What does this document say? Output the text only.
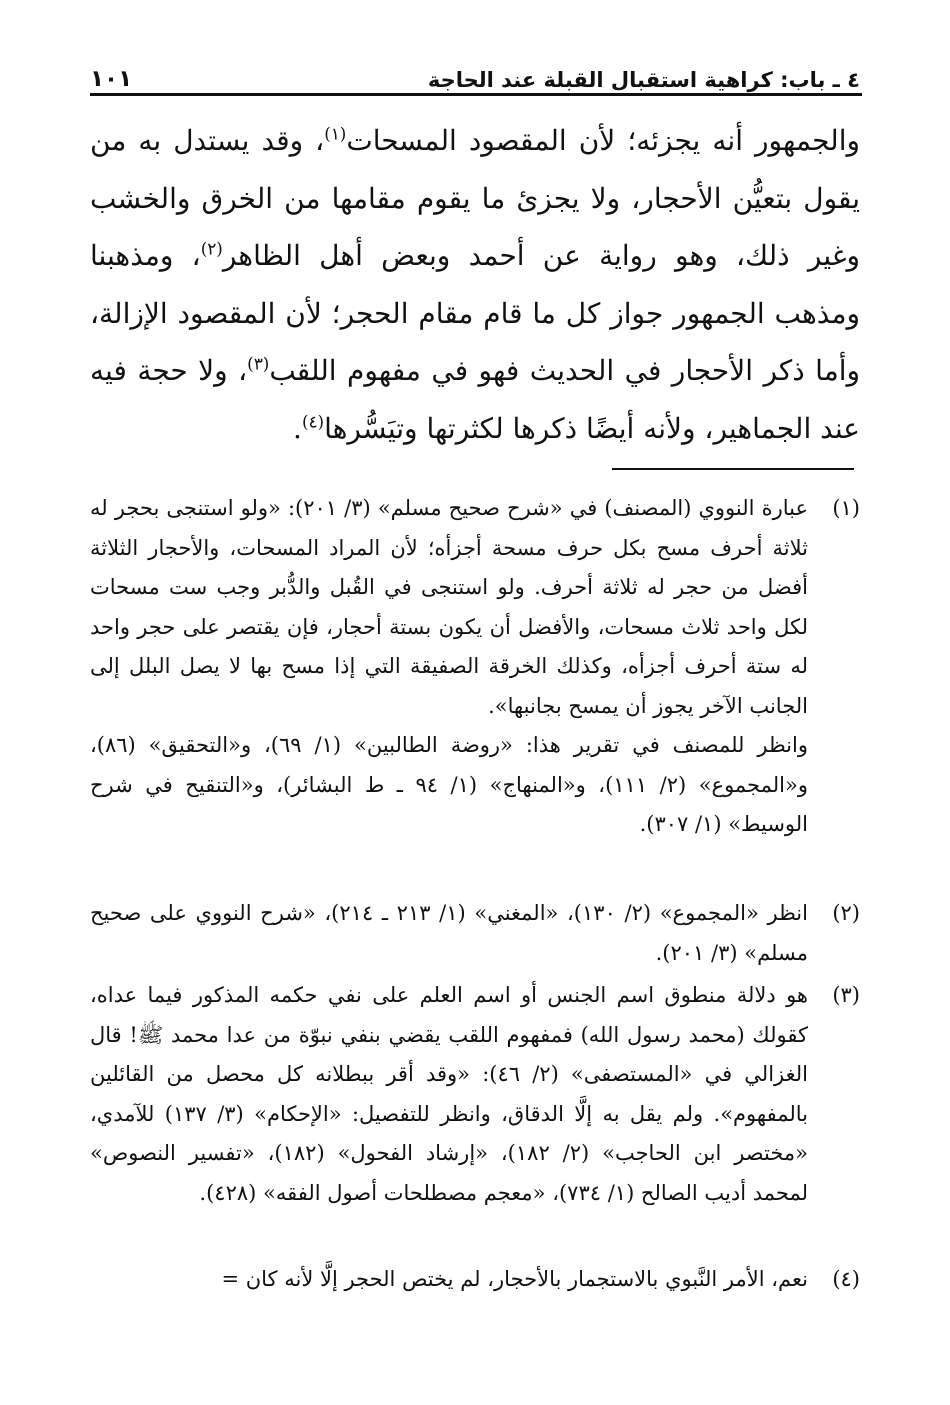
٤ ـ باب: كراهية استقبال القبلة عند الحاجة
١٠١
والجمهور أنه يجزئه؛ لأن المقصود المسحات$^{(١)}$، وقد يستدل به من يقول بتعيُّن الأحجار، ولا يجزئ ما يقوم مقامها من الخرق والخشب وغير ذلك، وهو رواية عن أحمد وبعض أهل الظاهر$^{(٢)}$، ومذهبنا ومذهب الجمهور جواز كل ما قام مقام الحجر؛ لأن المقصود الإزالة، وأما ذكر الأحجار في الحديث فهو في مفهوم اللقب$^{(٣)}$، ولا حجة فيه عند الجماهير، ولأنه أيضًا ذكرها لكثرتها وتيَسُّرها$^{(٤)}$.
(١)

عبارة النووي (المصنف) في «شرح صحيح مسلم» (٣/ ٢٠١): «ولو استنجى بحجر له ثلاثة أحرف مسح بكل حرف مسحة أجزأه؛ لأن المراد المسحات، والأحجار الثلاثة أفضل من حجر له ثلاثة أحرف. ولو استنجى في القُبل والدُّبر وجب ست مسحات لكل واحد ثلاث مسحات، والأفضل أن يكون بستة أحجار، فإن يقتصر على حجر واحد له ستة أحرف أجزأه، وكذلك الخرقة الصفيقة التي إذا مسح بها لا يصل البلل إلى الجانب الآخر يجوز أن يمسح بجانبها».

وانظر للمصنف في تقرير هذا: «روضة الطالبين» (١/ ٦٩)، و«التحقيق» (٨٦)، و«المجموع» (٢/ ١١١)، و«المنهاج» (١/ ٩٤ ـ ط البشائر)، و«التنقيح في شرح الوسيط» (١/ ٣٠٧).

(٢)

انظر «المجموع» (٢/ ١٣٠)، «المغني» (١/ ٢١٣ ـ ٢١٤)، «شرح النووي على صحيح مسلم» (٣/ ٢٠١).

(٣)

هو دلالة منطوق اسم الجنس أو اسم العلم على نفي حكمه المذكور فيما عداه، كقولك (محمد رسول الله) فمفهوم اللقب يقضي بنفي نبوّة من عدا محمد ﷺ! قال الغزالي في «المستصفى» (٢/ ٤٦): «وقد أقر ببطلانه كل محصل من القائلين بالمفهوم». ولم يقل به إلَّا الدقاق، وانظر للتفصيل: «الإحكام» (٣/ ١٣٧) للآمدي، «مختصر ابن الحاجب» (٢/ ١٨٢)، «إرشاد الفحول» (١٨٢)، «تفسير النصوص» لمحمد أديب الصالح (١/ ٧٣٤)، «معجم مصطلحات أصول الفقه» (٤٢٨).

(٤)

نعم، الأمر النَّبوي بالاستجمار بالأحجار، لم يختص الحجر إلَّا لأنه كان =
